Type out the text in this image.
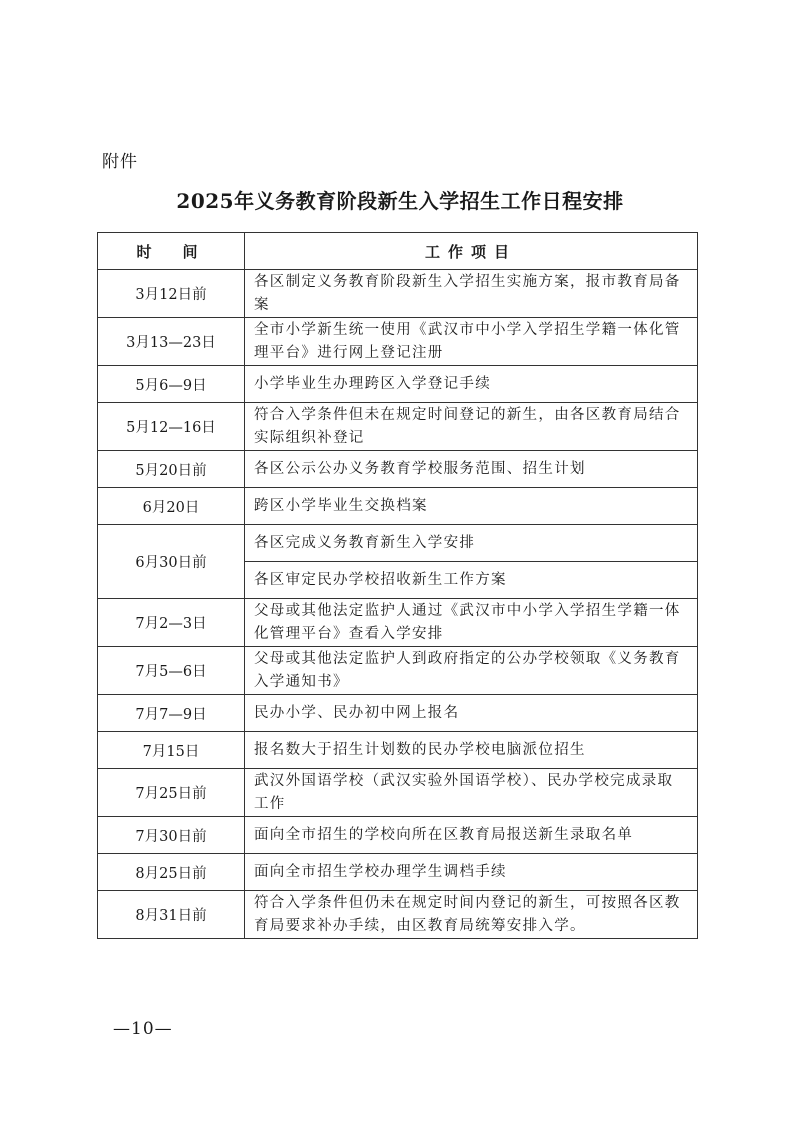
附件
2025年义务教育阶段新生入学招生工作日程安排
时　间	工作项目
3月12日前	各区制定义务教育阶段新生入学招生实施方案，报市教育局备案
3月13—23日	全市小学新生统一使用《武汉市中小学入学招生学籍一体化管理平台》进行网上登记注册
5月6—9日	小学毕业生办理跨区入学登记手续
5月12—16日	符合入学条件但未在规定时间登记的新生，由各区教育局结合实际组织补登记
5月20日前	各区公示公办义务教育学校服务范围、招生计划
6月20日	跨区小学毕业生交换档案
6月30日前	各区完成义务教育新生入学安排
	各区审定民办学校招收新生工作方案
7月2—3日	父母或其他法定监护人通过《武汉市中小学入学招生学籍一体化管理平台》查看入学安排
7月5—6日	父母或其他法定监护人到政府指定的公办学校领取《义务教育入学通知书》
7月7—9日	民办小学、民办初中网上报名
7月15日	报名数大于招生计划数的民办学校电脑派位招生
7月25日前	武汉外国语学校（武汉实验外国语学校）、民办学校完成录取工作
7月30日前	面向全市招生的学校向所在区教育局报送新生录取名单
8月25日前	面向全市招生学校办理学生调档手续
8月31日前	符合入学条件但仍未在规定时间内登记的新生，可按照各区教育局要求补办手续，由区教育局统筹安排入学。
—10—
